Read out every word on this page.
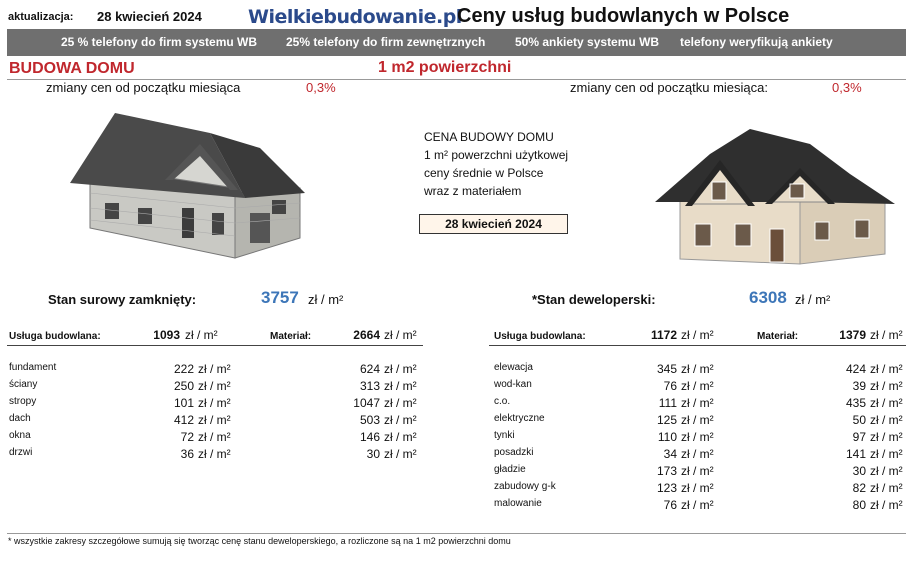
aktualizacja: 28 kwiecień 2024 Wielkiebudowanie.pl
Ceny usług budowlanych w Polsce
25 % telefony do firm systemu WB 25% telefony do firm zewnętrznych 50% ankiety systemu WB telefony weryfikują ankiety
BUDOWA DOMU	1 m2 powierzchni
zmiany cen od początku miesiąca	0,3%	zmiany cen od początku miesiąca:	0,3%
CENA BUDOWY DOMU
1 m² powerzchni użytkowej
ceny średnie w Polsce
wraz z materiałem
28 kwiecień 2024
Stan surowy zamknięty:	3757 zł / m²
Usługa budowlana:	1093 zł / m²	Materiał:	2664 zł / m²
fundament	222 zł / m²	624 zł / m²
ściany	250 zł / m²	313 zł / m²
stropy	101 zł / m²	1047 zł / m²
dach	412 zł / m²	503 zł / m²
okna	72 zł / m²	146 zł / m²
drzwi	36 zł / m²	30 zł / m²
*Stan deweloperski:	6308 zł / m²
Usługa budowlana:	1172 zł / m²	Materiał:	1379 zł / m²
elewacja	345 zł / m²	424 zł / m²
wod-kan	76 zł / m²	39 zł / m²
c.o.	111 zł / m²	435 zł / m²
elektryczne	125 zł / m²	50 zł / m²
tynki	110 zł / m²	97 zł / m²
posadzki	34 zł / m²	141 zł / m²
gładzie	173 zł / m²	30 zł / m²
zabudowy g-k	123 zł / m²	82 zł / m²
malowanie	76 zł / m²	80 zł / m²
* wszystkie zakresy szczegółowe sumują się tworząc cenę stanu deweloperskiego, a rozliczone są na 1 m2 powierzchni domu
